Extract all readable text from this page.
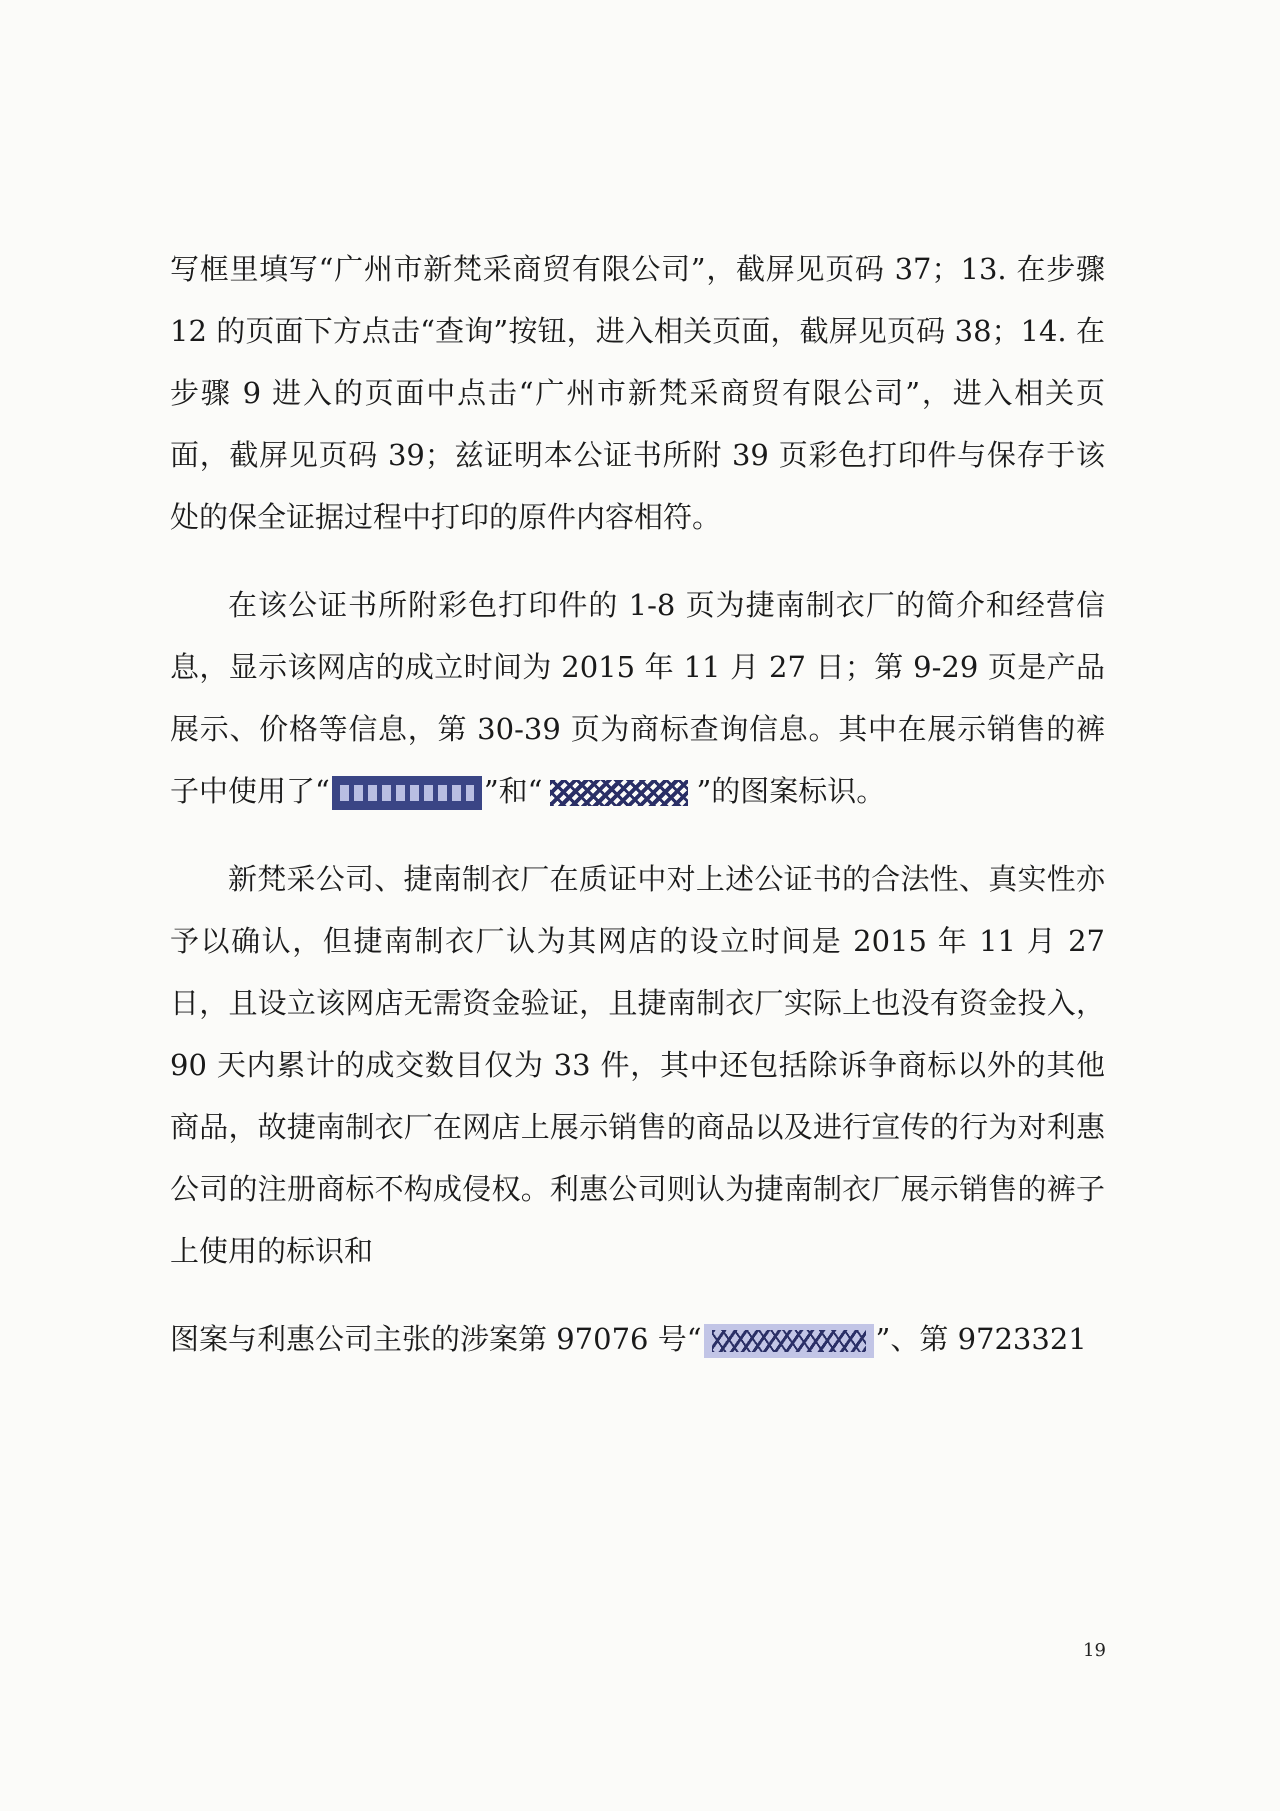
写框里填写“广州市新梵采商贸有限公司”，截屏见页码 37；13. 在步骤 12 的页面下方点击“查询”按钮，进入相关页面，截屏见页码 38；14. 在步骤 9 进入的页面中点击“广州市新梵采商贸有限公司”，进入相关页面，截屏见页码 39；兹证明本公证书所附 39 页彩色打印件与保存于该处的保全证据过程中打印的原件内容相符。

在该公证书所附彩色打印件的 1-8 页为捷南制衣厂的简介和经营信息，显示该网店的成立时间为 2015 年 11 月 27 日；第 9-29 页是产品展示、价格等信息，第 30-39 页为商标查询信息。其中在展示销售的裤子中使用了“	”和“	”的图案标识。

新梵采公司、捷南制衣厂在质证中对上述公证书的合法性、真实性亦予以确认，但捷南制衣厂认为其网店的设立时间是 2015 年 11 月 27 日，且设立该网店无需资金验证，且捷南制衣厂实际上也没有资金投入，90 天内累计的成交数目仅为 33 件，其中还包括除诉争商标以外的其他商品，故捷南制衣厂在网店上展示销售的商品以及进行宣传的行为对利惠公司的注册商标不构成侵权。利惠公司则认为捷南制衣厂展示销售的裤子上使用的标识和

图案与利惠公司主张的涉案第 97076 号“	”、第 9723321

19
